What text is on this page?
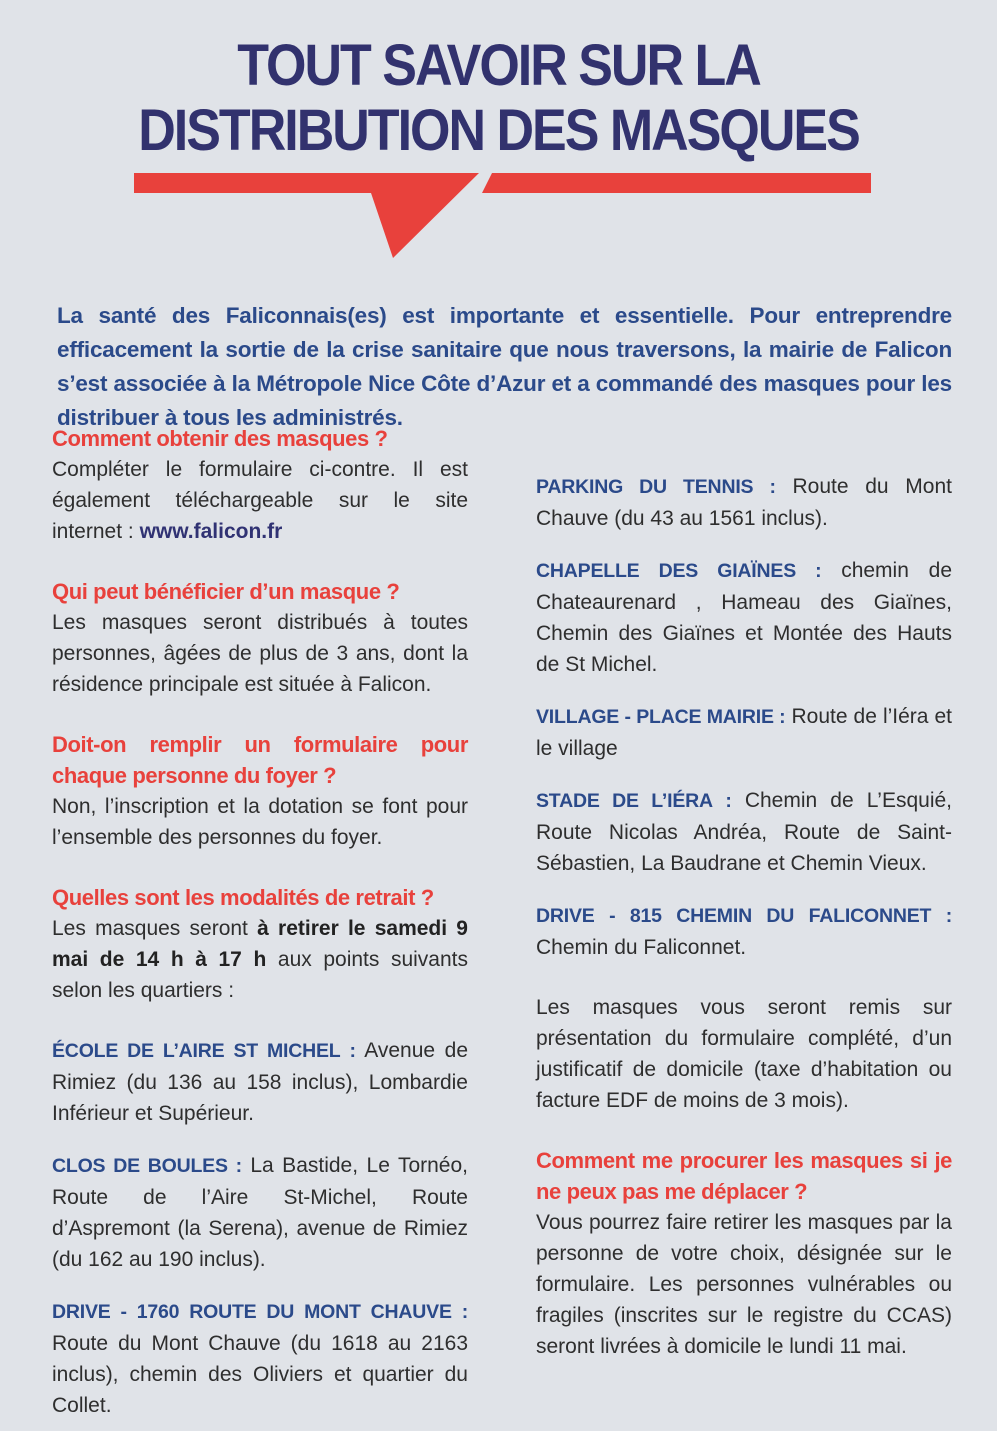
TOUT SAVOIR SUR LA
DISTRIBUTION DES MASQUES

La santé des Faliconnais(es) est importante et essentielle. Pour entreprendre efficacement la sortie de la crise sanitaire que nous traversons, la mairie de Falicon s’est associée à la Métropole Nice Côte d’Azur et a commandé des masques pour les distribuer à tous les administrés.

Comment obtenir des masques ?
Compléter le formulaire ci-contre. Il est également téléchargeable sur le site internet : www.falicon.fr
Qui peut bénéficier d’un masque ?
Les masques seront distribués à toutes personnes, âgées de plus de 3 ans, dont la résidence principale est située à Falicon.
Doit-on remplir un formulaire pour chaque personne du foyer ?
Non, l’inscription et la dotation se font pour l’ensemble des personnes du foyer.
Quelles sont les modalités de retrait ?
Les masques seront à retirer le samedi 9 mai de 14 h à 17 h aux points suivants selon les quartiers :

ÉCOLE DE L’AIRE ST MICHEL : Avenue de Rimiez (du 136 au 158 inclus), Lombardie Inférieur et Supérieur.

CLOS DE BOULES : La Bastide, Le Tornéo, Route de l’Aire St-Michel, Route d’Aspremont (la Serena), avenue de Rimiez (du 162 au 190 inclus).

DRIVE - 1760 ROUTE DU MONT CHAUVE : Route du Mont Chauve (du 1618 au 2163 inclus), chemin des Oliviers et quartier du Collet.

PARKING DU TENNIS : Route du Mont Chauve (du 43 au 1561 inclus).

CHAPELLE DES GIAÏNES : chemin de Chateaurenard , Hameau des Giaïnes, Chemin des Giaïnes et Montée des Hauts de St Michel.

VILLAGE - PLACE MAIRIE : Route de l’Iéra et le village

STADE DE L’IÉRA : Chemin de L’Esquié, Route Nicolas Andréa, Route de Saint-Sébastien, La Baudrane et Chemin Vieux.

DRIVE - 815 CHEMIN DU FALICONNET : Chemin du Faliconnet.

Les masques vous seront remis sur présentation du formulaire complété, d’un justificatif de domicile (taxe d’habitation ou facture EDF de moins de 3 mois).

Comment me procurer les masques si je ne peux pas me déplacer ?
Vous pourrez faire retirer les masques par la personne de votre choix, désignée sur le formulaire. Les personnes vulnérables ou fragiles (inscrites sur le registre du CCAS) seront livrées à domicile le lundi 11 mai.
